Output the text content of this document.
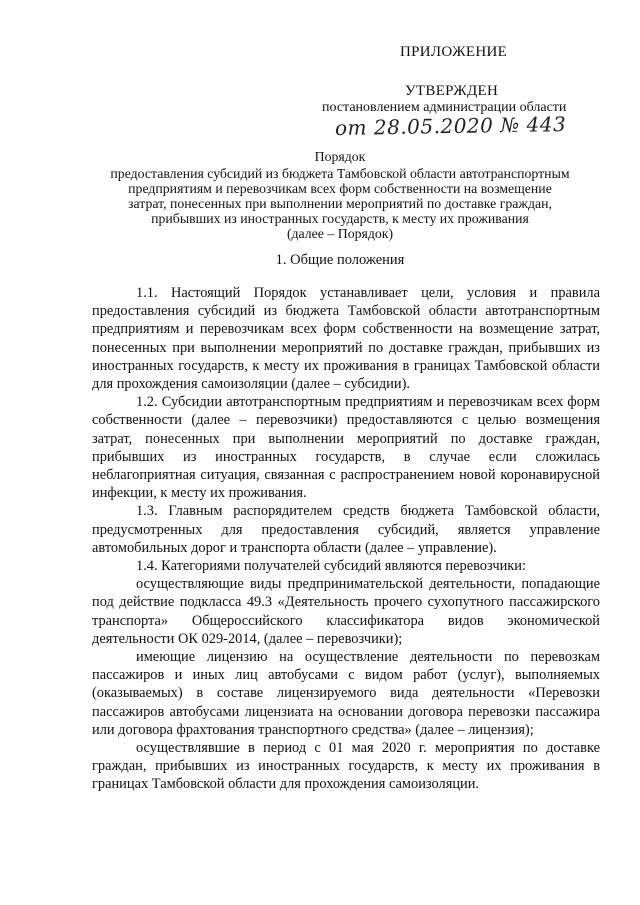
ПРИЛОЖЕНИЕ
УТВЕРЖДЕН
постановлением администрации области
от 28.05.2020 № 443
Порядок
предоставления субсидий из бюджета Тамбовской области автотранспортным
предприятиям и перевозчикам всех форм собственности на возмещение
затрат, понесенных при выполнении мероприятий по доставке граждан,
прибывших из иностранных государств, к месту их проживания
(далее – Порядок)
1. Общие положения

1.1. Настоящий Порядок устанавливает цели, условия и правила предоставления субсидий из бюджета Тамбовской области автотранспортным предприятиям и перевозчикам всех форм собственности на возмещение затрат, понесенных при выполнении мероприятий по доставке граждан, прибывших из иностранных государств, к месту их проживания в границах Тамбовской области для прохождения самоизоляции (далее – субсидии).

1.2. Субсидии автотранспортным предприятиям и перевозчикам всех форм собственности (далее – перевозчики) предоставляются с целью возмещения затрат, понесенных при выполнении мероприятий по доставке граждан, прибывших из иностранных государств, в случае если сложилась неблагоприятная ситуация, связанная с распространением новой коронавирусной инфекции, к месту их проживания.

1.3. Главным распорядителем средств бюджета Тамбовской области, предусмотренных для предоставления субсидий, является управление автомобильных дорог и транспорта области (далее – управление).

1.4. Категориями получателей субсидий являются перевозчики:

осуществляющие виды предпринимательской деятельности, попадающие под действие подкласса 49.3 «Деятельность прочего сухопутного пассажирского транспорта» Общероссийского классификатора видов экономической деятельности ОК 029-2014, (далее – перевозчики);

имеющие лицензию на осуществление деятельности по перевозкам пассажиров и иных лиц автобусами с видом работ (услуг), выполняемых (оказываемых) в составе лицензируемого вида деятельности «Перевозки пассажиров автобусами лицензиата на основании договора перевозки пассажира или договора фрахтования транспортного средства» (далее – лицензия);

осуществлявшие в период с 01 мая 2020 г. мероприятия по доставке граждан, прибывших из иностранных государств, к месту их проживания в границах Тамбовской области для прохождения самоизоляции.
